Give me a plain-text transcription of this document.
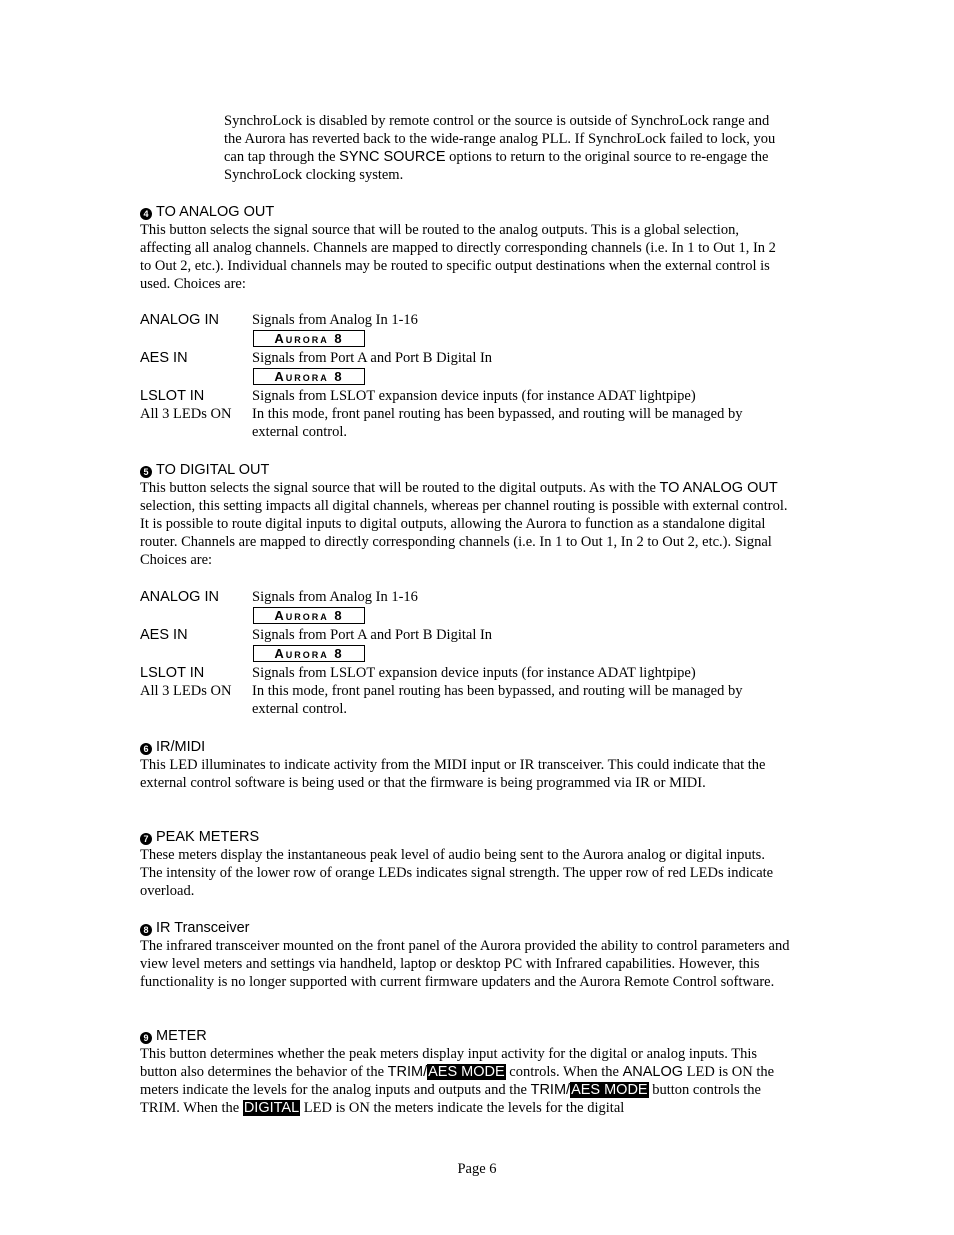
SynchroLock is disabled by remote control or the source is outside of SynchroLock range and the Aurora has reverted back to the wide-range analog PLL. If SynchroLock failed to lock, you can tap through the SYNC SOURCE options to return to the original source to re-engage the SynchroLock clocking system.
4 TO ANALOG OUT

This button selects the signal source that will be routed to the analog outputs. This is a global selection, affecting all analog channels. Channels are mapped to directly corresponding channels (i.e. In 1 to Out 1, In 2 to Out 2, etc.). Individual channels may be routed to specific output destinations when the external control is used. Choices are:

ANALOG IN	Signals from Analog In 1-16
	Aurora 8
AES IN	Signals from Port A and Port B Digital In
	Aurora 8
LSLOT IN	Signals from LSLOT expansion device inputs (for instance ADAT lightpipe)
All 3 LEDs ON	In this mode, front panel routing has been bypassed, and routing will be managed by external control.
5 TO DIGITAL OUT

This button selects the signal source that will be routed to the digital outputs. As with the TO ANALOG OUT selection, this setting impacts all digital channels, whereas per channel routing is possible with external control. It is possible to route digital inputs to digital outputs, allowing the Aurora to function as a standalone digital router. Channels are mapped to directly corresponding channels (i.e. In 1 to Out 1, In 2 to Out 2, etc.). Signal Choices are:

ANALOG IN	Signals from Analog In 1-16
	Aurora 8
AES IN	Signals from Port A and Port B Digital In
	Aurora 8
LSLOT IN	Signals from LSLOT expansion device inputs (for instance ADAT lightpipe)
All 3 LEDs ON	In this mode, front panel routing has been bypassed, and routing will be managed by external control.
6 IR/MIDI

This LED illuminates to indicate activity from the MIDI input or IR transceiver. This could indicate that the external control software is being used or that the firmware is being programmed via IR or MIDI.

7 PEAK METERS

These meters display the instantaneous peak level of audio being sent to the Aurora analog or digital inputs. The intensity of the lower row of orange LEDs indicates signal strength. The upper row of red LEDs indicate overload.

8 IR Transceiver

The infrared transceiver mounted on the front panel of the Aurora provided the ability to control parameters and view level meters and settings via handheld, laptop or desktop PC with Infrared capabilities. However, this functionality is no longer supported with current firmware updaters and the Aurora Remote Control software.

9 METER

This button determines whether the peak meters display input activity for the digital or analog inputs. This button also determines the behavior of the TRIM/AES MODE controls. When the ANALOG LED is ON the meters indicate the levels for the analog inputs and outputs and the TRIM/AES MODE button controls the TRIM. When the DIGITAL LED is ON the meters indicate the levels for the digital

Page 6
